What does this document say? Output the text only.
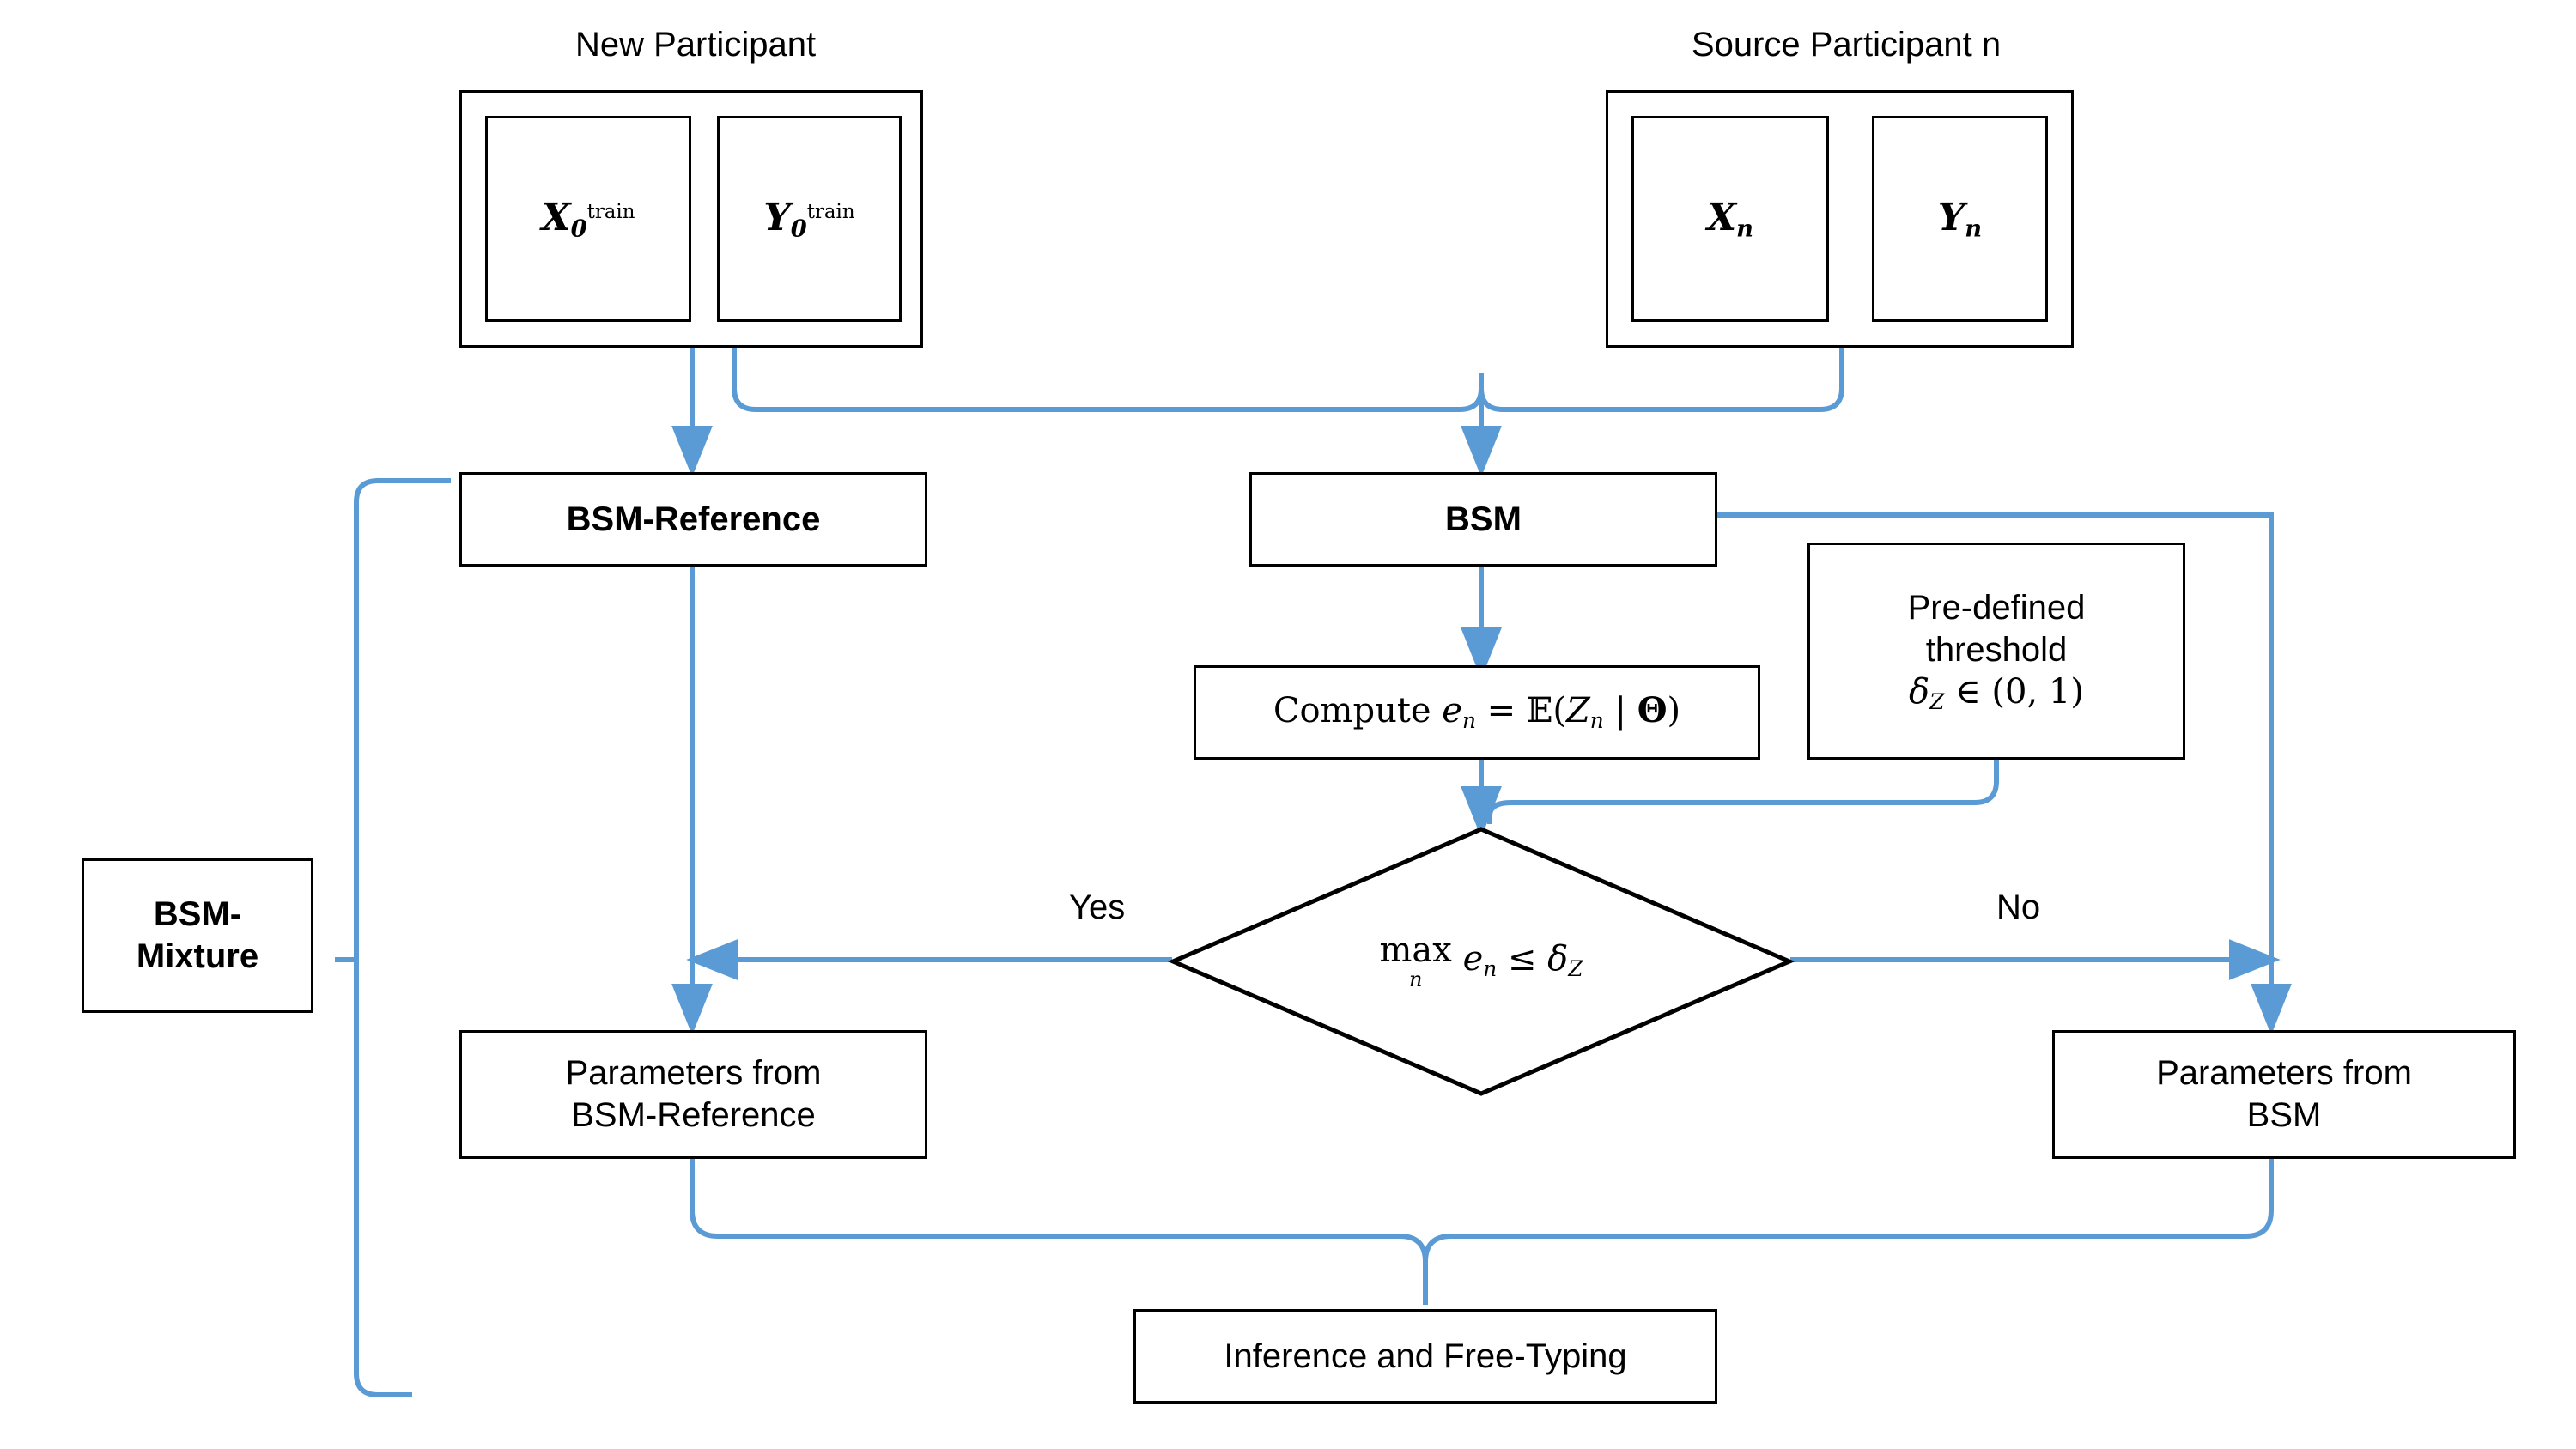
New Participant
$X_0^{train}$	$Y_0^{train}$
Source Participant n
$X_n$	$Y_n$
BSM-Reference	BSM
Compute $e_n$ = $𝔼(Z_n$ | Θ)
Pre-defined
threshold
$\delta_Z$ ∈ (0, 1)
max
n
$e_n \le \delta_Z$
Yes	No
BSM-
Mixture
Parameters from
BSM-Reference
Parameters from
BSM
Inference and Free-Typing
